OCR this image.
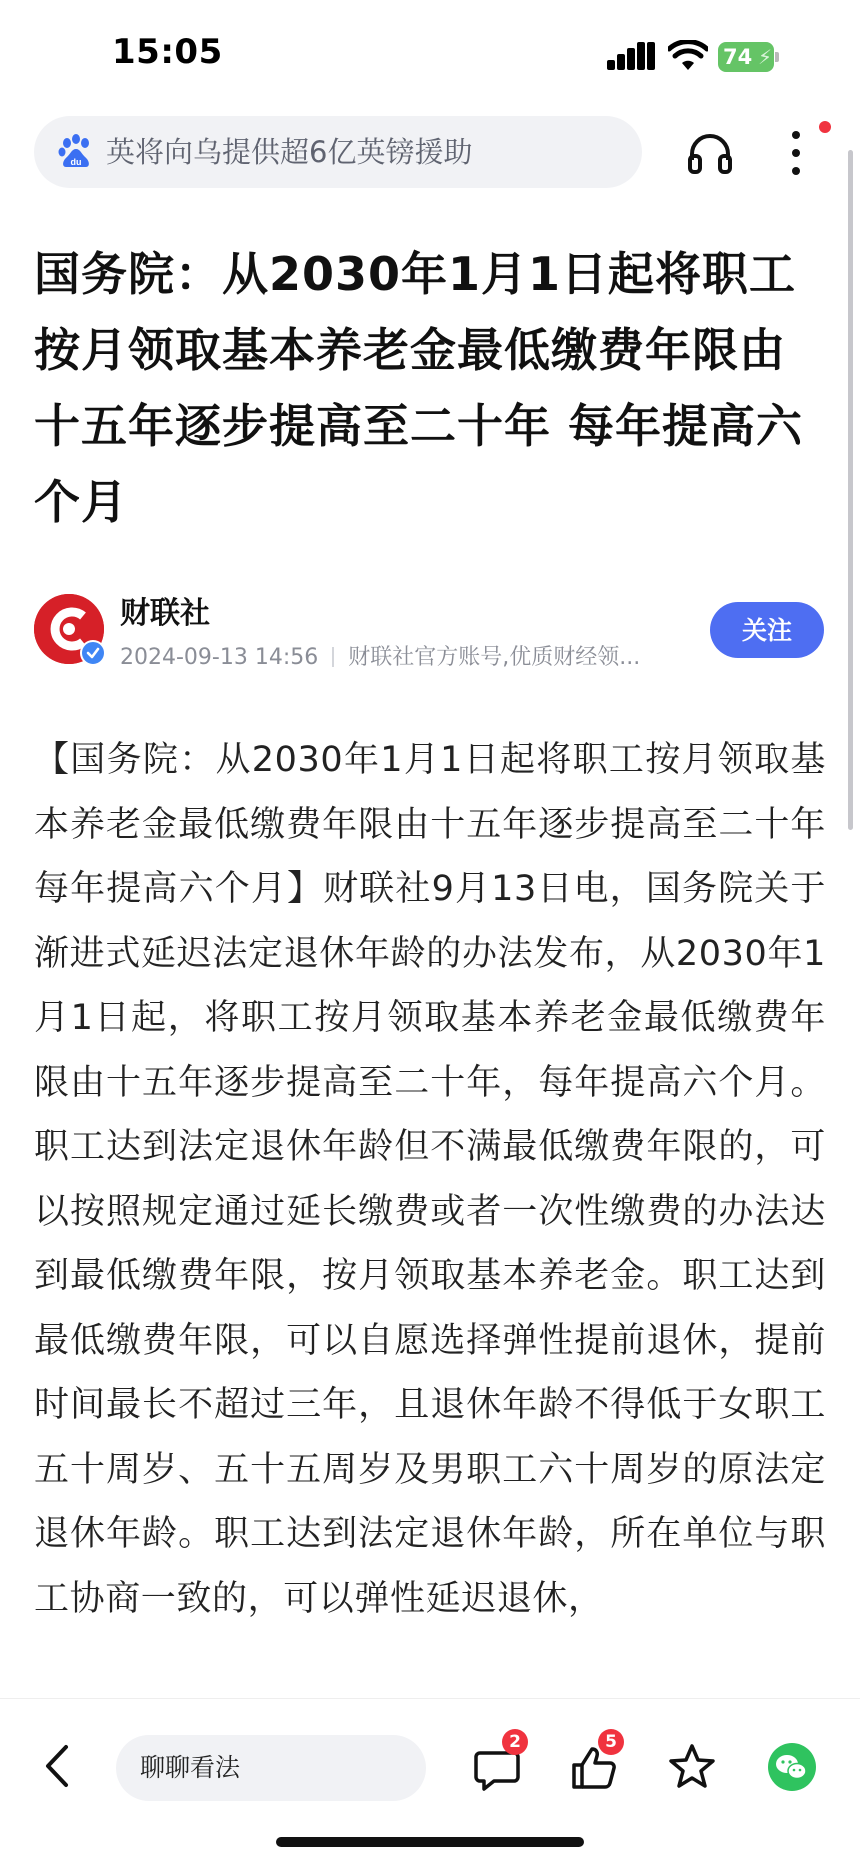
15:05	74 ⚡
du 英将向乌提供超6亿英镑援助
国务院：从2030年1月1日起将职工按月领取基本养老金最低缴费年限由十五年逐步提高至二十年 每年提高六个月
财联社
2024-09-13 14:56 财联社官方账号,优质财经领...
关注

【国务院：从2030年1月1日起将职工按月领取基本养老金最低缴费年限由十五年逐步提高至二十年 每年提高六个月】财联社9月13日电，国务院关于渐进式延迟法定退休年龄的办法发布，从2030年1月1日起，将职工按月领取基本养老金最低缴费年限由十五年逐步提高至二十年，每年提高六个月。职工达到法定退休年龄但不满最低缴费年限的，可以按照规定通过延长缴费或者一次性缴费的办法达到最低缴费年限，按月领取基本养老金。职工达到最低缴费年限，可以自愿选择弹性提前退休，提前时间最长不超过三年，且退休年龄不得低于女职工五十周岁、五十五周岁及男职工六十周岁的原法定退休年龄。职工达到法定退休年龄，所在单位与职工协商一致的，可以弹性延迟退休，

聊聊看法
2	5
